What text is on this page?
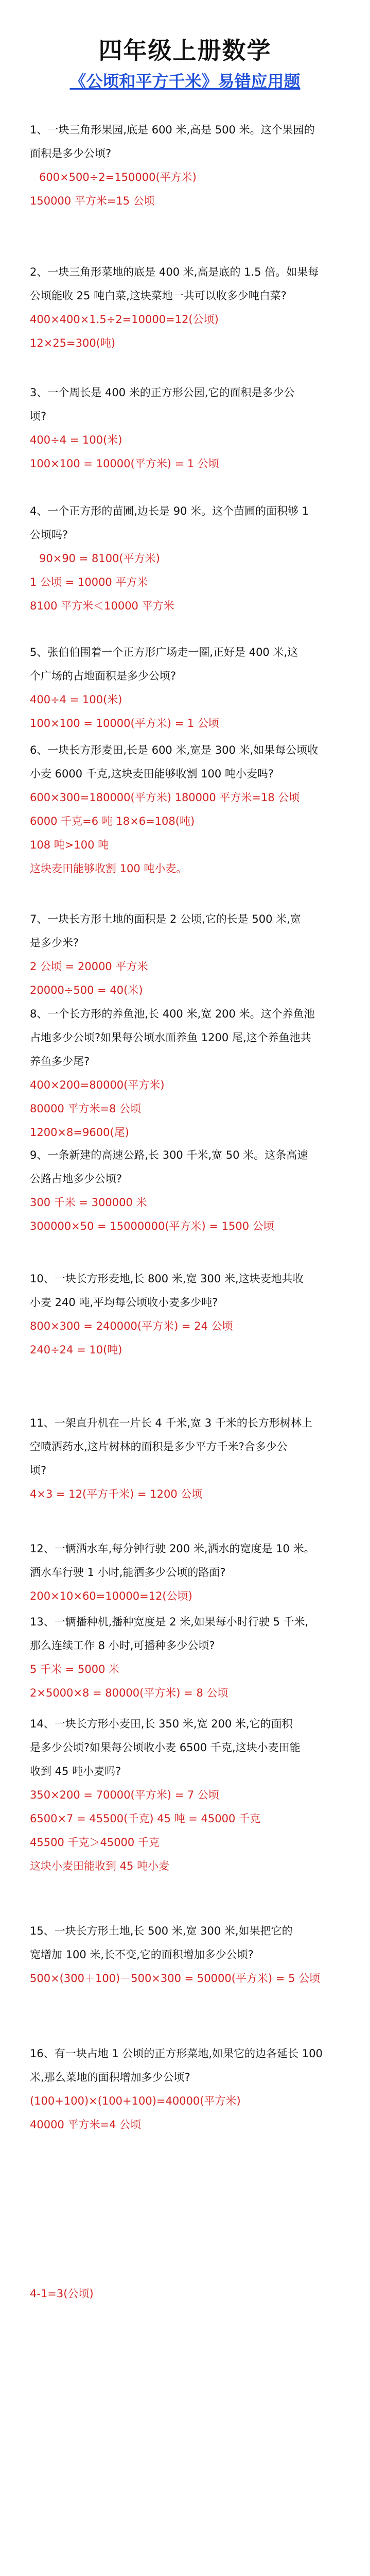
四年级上册数学
《公顷和平方千米》易错应用题
1、一块三角形果园,底是 600 米,高是 500 米。这个果园的
面积是多少公顷?
600×500÷2=150000(平方米)
150000 平方米=15 公顷
2、一块三角形菜地的底是 400 米,高是底的 1.5 倍。如果每
公顷能收 25 吨白菜,这块菜地一共可以收多少吨白菜?
400×400×1.5÷2=10000=12(公顷)
12×25=300(吨)
3、一个周长是 400 米的正方形公园,它的面积是多少公
顷?
400÷4 = 100(米)
100×100 = 10000(平方米) = 1 公顷
4、一个正方形的苗圃,边长是 90 米。这个苗圃的面积够 1
公顷吗?
90×90 = 8100(平方米)
1 公顷 = 10000 平方米
8100 平方米＜10000 平方米
5、张伯伯围着一个正方形广场走一圈,正好是 400 米,这
个广场的占地面积是多少公顷?
400÷4 = 100(米)
100×100 = 10000(平方米) = 1 公顷
6、一块长方形麦田,长是 600 米,宽是 300 米,如果每公顷收
小麦 6000 千克,这块麦田能够收割 100 吨小麦吗?
600×300=180000(平方米) 180000 平方米=18 公顷
6000 千克=6 吨 18×6=108(吨)
108 吨>100 吨
这块麦田能够收割 100 吨小麦。
7、一块长方形土地的面积是 2 公顷,它的长是 500 米,宽
是多少米?
2 公顷 = 20000 平方米
20000÷500 = 40(米)
8、一个长方形的养鱼池,长 400 米,宽 200 米。这个养鱼池
占地多少公顷?如果每公顷水面养鱼 1200 尾,这个养鱼池共
养鱼多少尾?
400×200=80000(平方米)
80000 平方米=8 公顷
1200×8=9600(尾)
9、一条新建的高速公路,长 300 千米,宽 50 米。这条高速
公路占地多少公顷?
300 千米 = 300000 米
300000×50 = 15000000(平方米) = 1500 公顷
10、一块长方形麦地,长 800 米,宽 300 米,这块麦地共收
小麦 240 吨,平均每公顷收小麦多少吨?
800×300 = 240000(平方米) = 24 公顷
240÷24 = 10(吨)
11、一架直升机在一片长 4 千米,宽 3 千米的长方形树林上
空喷洒药水,这片树林的面积是多少平方千米?合多少公
顷?
4×3 = 12(平方千米) = 1200 公顷
12、一辆洒水车,每分钟行驶 200 米,洒水的宽度是 10 米。
洒水车行驶 1 小时,能洒多少公顷的路面?
200×10×60=10000=12(公顷)
13、一辆播种机,播种宽度是 2 米,如果每小时行驶 5 千米,
那么连续工作 8 小时,可播种多少公顷?
5 千米 = 5000 米
2×5000×8 = 80000(平方米) = 8 公顷
14、一块长方形小麦田,长 350 米,宽 200 米,它的面积
是多少公顷?如果每公顷收小麦 6500 千克,这块小麦田能
收到 45 吨小麦吗?
350×200 = 70000(平方米) = 7 公顷
6500×7 = 45500(千克) 45 吨 = 45000 千克
45500 千克＞45000 千克
这块小麦田能收到 45 吨小麦
15、一块长方形土地,长 500 米,宽 300 米,如果把它的
宽增加 100 米,长不变,它的面积增加多少公顷?
500×(300＋100)－500×300 = 50000(平方米) = 5 公顷
16、有一块占地 1 公顷的正方形菜地,如果它的边各延长 100
米,那么菜地的面积增加多少公顷?
(100+100)×(100+100)=40000(平方米)
40000 平方米=4 公顷
4-1=3(公顷)
